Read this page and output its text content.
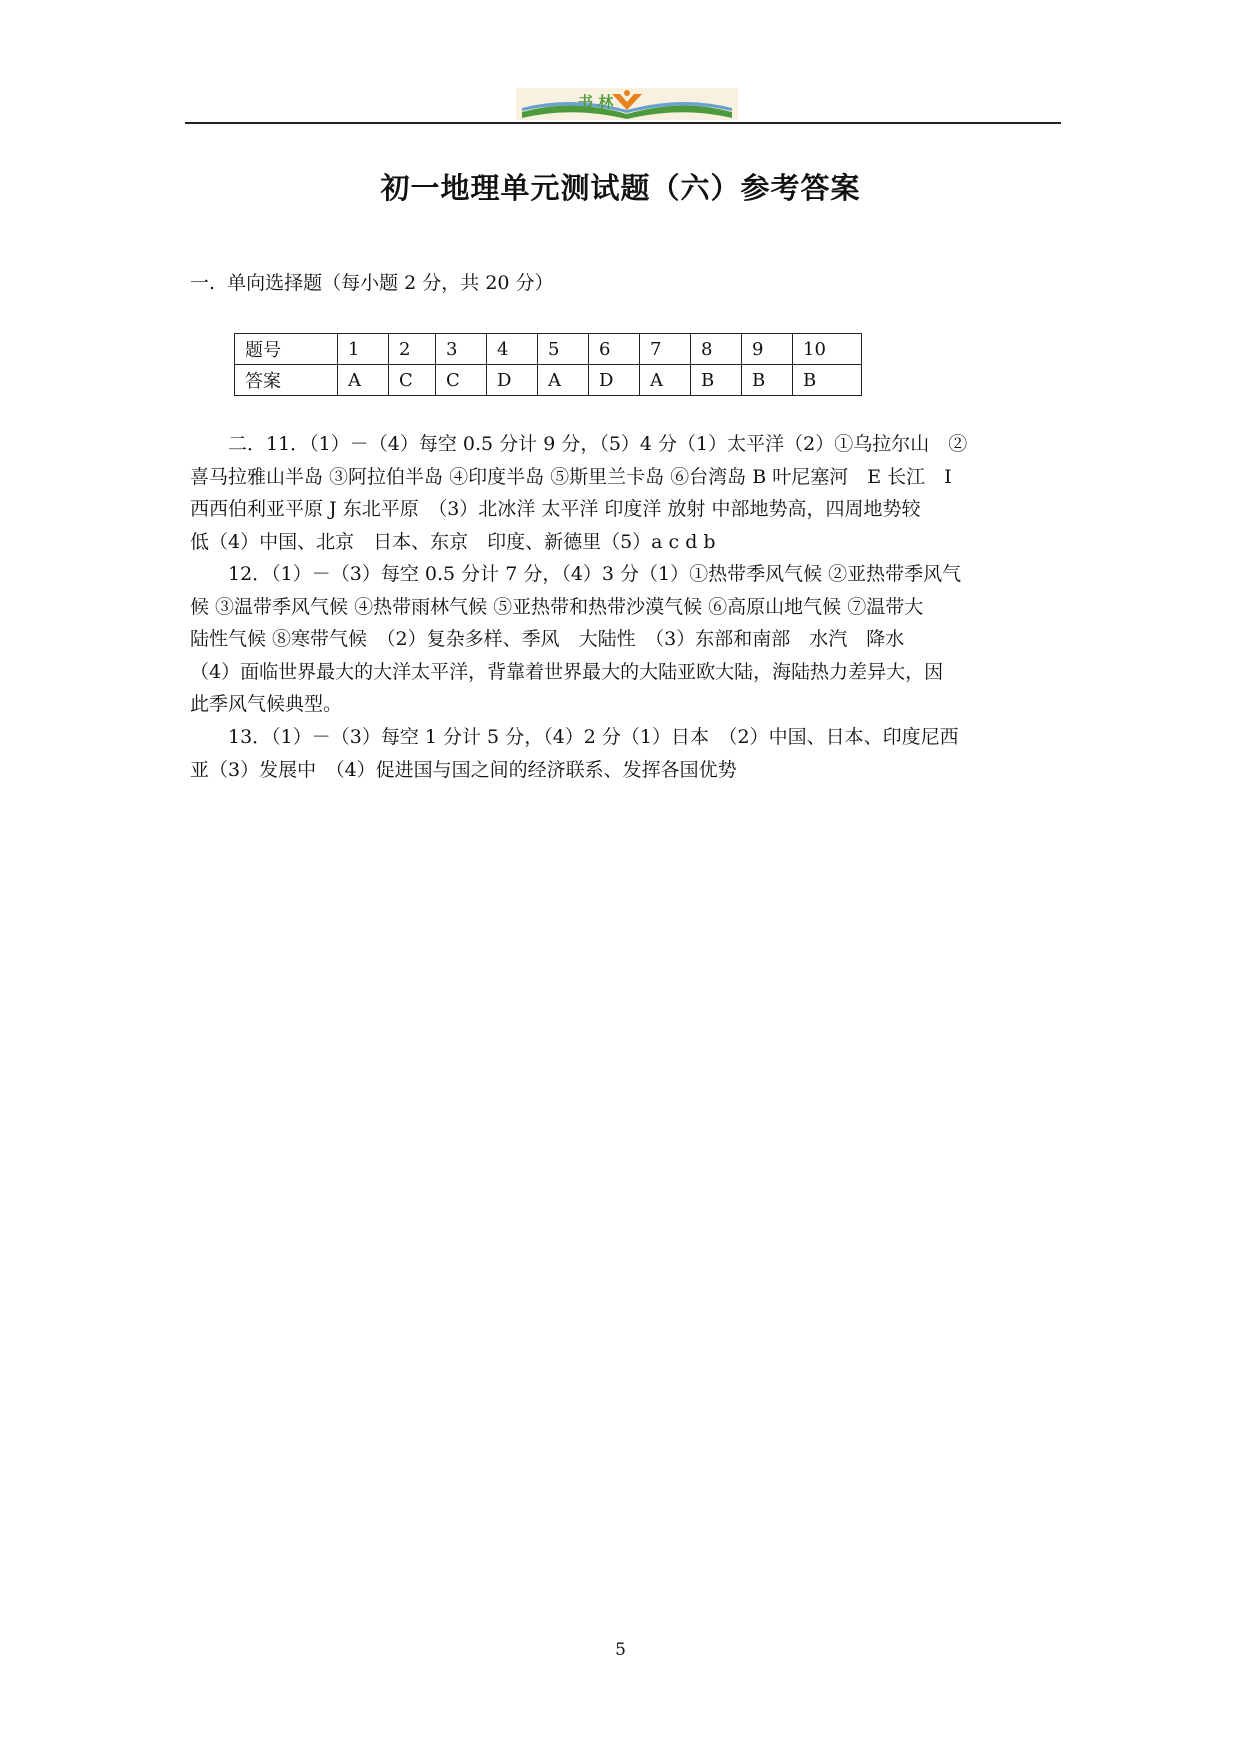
书 林
初一地理单元测试题（六）参考答案
一.  单向选择题（每小题 2 分，共 20 分）
题号	1	2	3	4	5	6	7	8	9	10
答案	A	C	C	D	A	D	A	B	B	B
　　二．11．（1）－（4）每空 0.5 分计 9 分，（5）4 分（1）太平洋（2）①乌拉尔山　②
喜马拉雅山半岛 ③阿拉伯半岛 ④印度半岛 ⑤斯里兰卡岛 ⑥台湾岛 B 叶尼塞河　E 长江　I
西西伯利亚平原 J 东北平原　（3）北冰洋 太平洋 印度洋 放射 中部地势高，四周地势较
低（4）中国、北京　日本、东京　印度、新德里（5）a c d b
　　12．（1）－（3）每空 0.5 分计 7 分，（4）3 分（1）①热带季风气候 ②亚热带季风气
候 ③温带季风气候 ④热带雨林气候 ⑤亚热带和热带沙漠气候 ⑥高原山地气候 ⑦温带大
陆性气候 ⑧寒带气候　（2）复杂多样、季风　大陆性　（3）东部和南部　水汽　降水
（4）面临世界最大的大洋太平洋，背靠着世界最大的大陆亚欧大陆，海陆热力差异大，因
此季风气候典型。
　　13．（1）－（3）每空 1 分计 5 分，（4）2 分（1）日本　（2）中国、日本、印度尼西
亚（3）发展中　（4）促进国与国之间的经济联系、发挥各国优势
5
